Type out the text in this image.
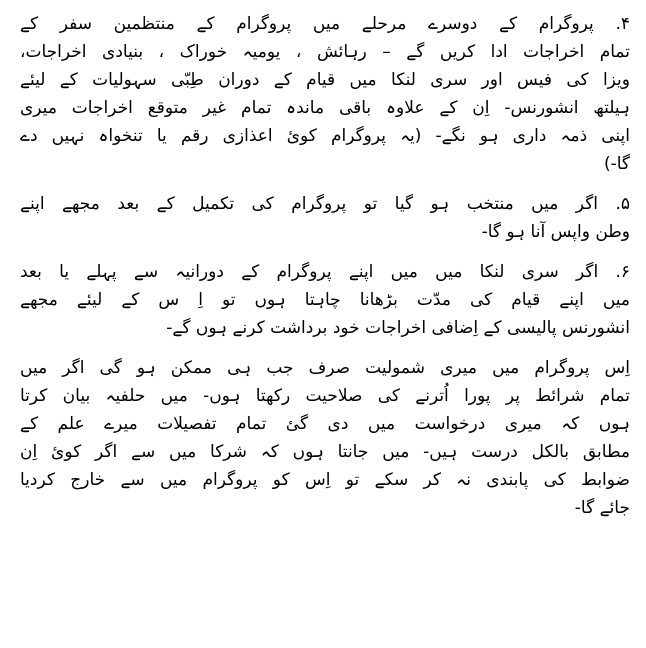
۴. پروگرام کے دوسرے مرحلے میں پروگرام کے منتظمین سفر کے
تمام اخراجات ادا کریں گے – رہائش ، یومیہ خوراک ، بنیادی اخراجات،
ویزا کی فیس اور سری لنکا میں قیام کے دوران طِبّی سہولیات کے لیئے
ہیلتھ انشورنس- اِن کے علاوہ باقی ماندہ تمام غیر متوقع اخراجات میری
اپنی ذمہ داری ہو نگے- (یہ پروگرام کوئ اعذازی رقم یا تنخواہ نہیں دے
گا-)
۵. اگر میں منتخب ہو گیا تو پروگرام کی تکمیل کے بعد مجھے اپنے
وطن واپس آنا ہو گا-
۶. اگر سری لنکا میں میں اپنے پروگرام کے دورانیہ سے پہلے یا بعد
میں اپنے قیام کی مدّت بڑھانا چاہتا ہوں تو اِ س کے لیئے مجھے
انشورنس پالیسی کے اِضافی اخراجات خود برداشت کرنے ہوں گے-
اِس پروگرام میں میری شمولیت صرف جب ہی ممکن ہو گی اگر میں
تمام شرائط پر پورا اُترنے کی صلاحیت رکھتا ہوں- میں حلفیہ بیان کرتا
ہوں کہ میری درخواست میں دی گئ تمام تفصیلات میرے علم کے
مطابق بالکل درست ہیں- میں جانتا ہوں کہ شرکا میں سے اگر کوئ اِن
ضوابط کی پابندی نہ کر سکے تو اِس کو پروگرام میں سے خارج کردیا
جائے گا-
